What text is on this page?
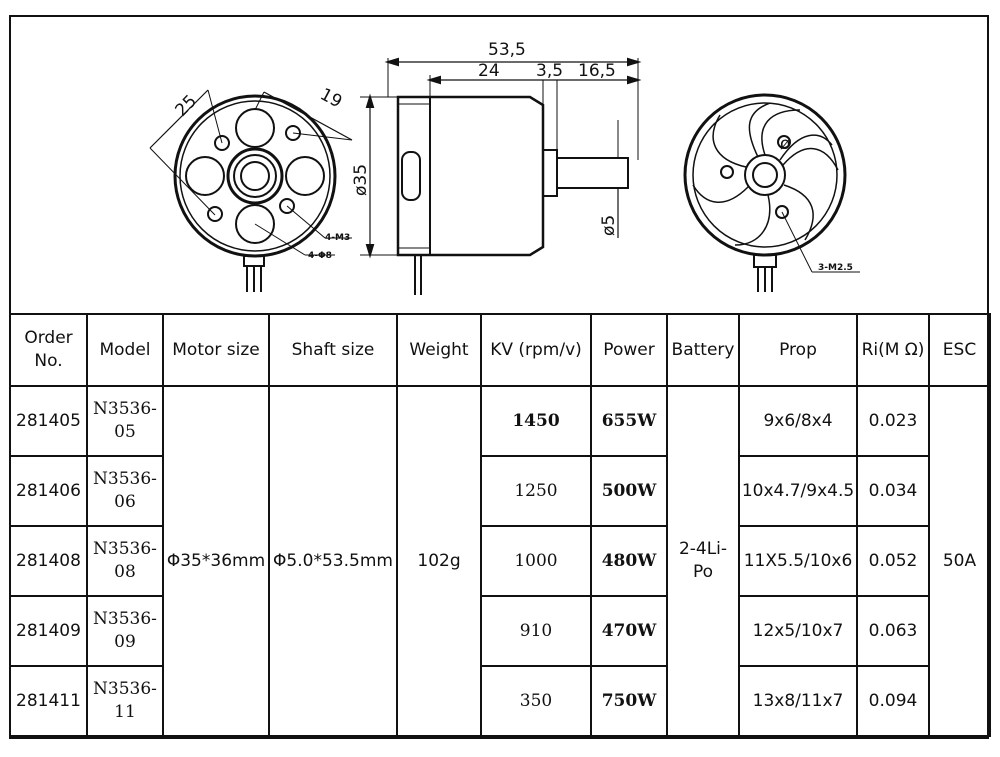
25	19
4-M3
4-Φ8
53,5
24 3,5 16,5
ø35
ø5
ø
3-M2.5
Order
No.	Model	Motor size	Shaft size	Weight	KV (rpm/v)	Power	Battery	Prop	Ri(M Ω)	ESC
281405	N3536-
05	Φ35*36mm	Φ5.0*53.5mm	102g	1450	655W	2-4Li-
Po	9x6/8x4	0.023	50A
281406	N3536-
06				1250	500W		10x4.7/9x4.5	0.034	
281408	N3536-
08				1000	480W		11X5.5/10x6	0.052	
281409	N3536-
09				910	470W		12x5/10x7	0.063	
281411	N3536-
11				350	750W		13x8/11x7	0.094	
